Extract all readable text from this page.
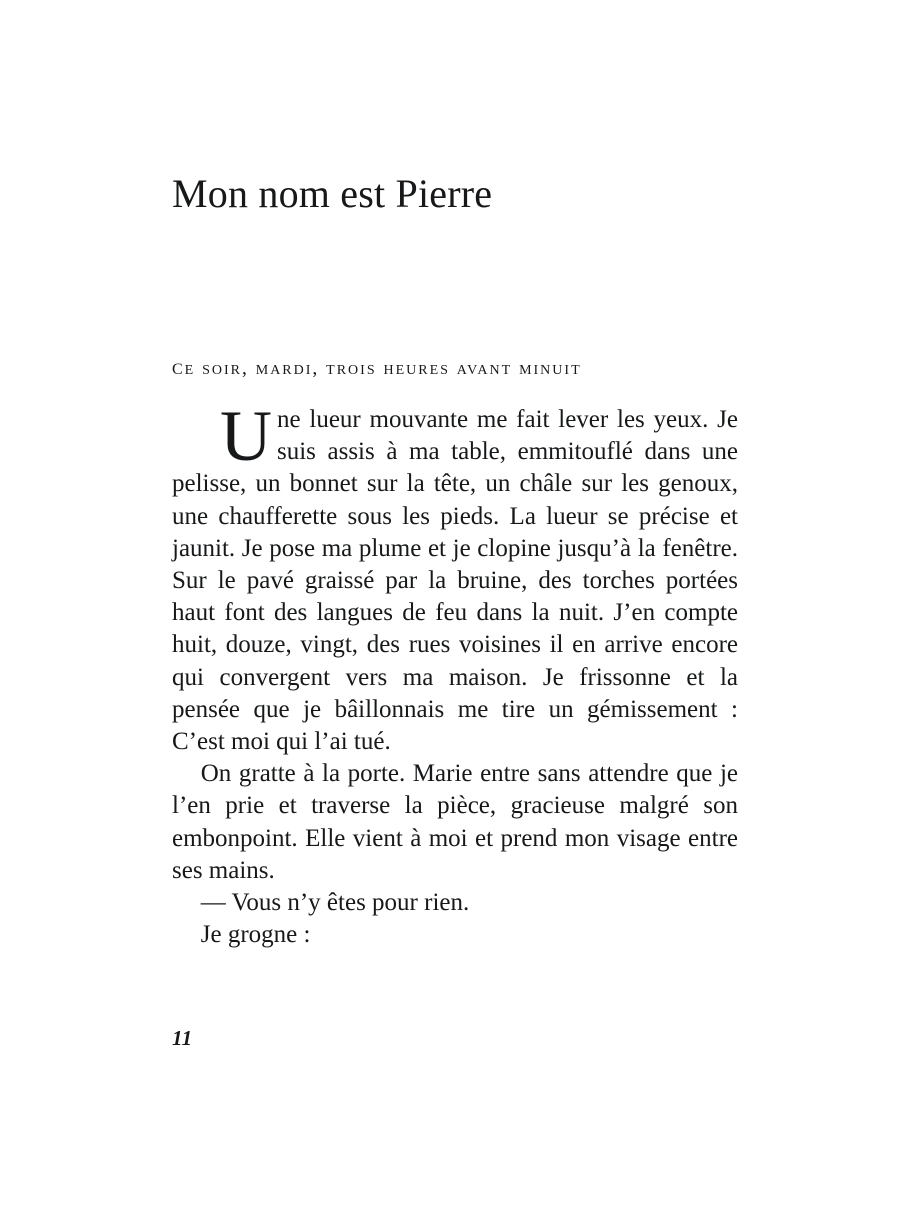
Mon nom est Pierre
ce soir, mardi, trois heures avant minuit

Une lueur mouvante me fait lever les yeux. Je suis assis à ma table, emmitouflé dans une pelisse, un bonnet sur la tête, un châle sur les genoux, une chaufferette sous les pieds. La lueur se précise et jaunit. Je pose ma plume et je clopine jusqu’à la fenêtre. Sur le pavé graissé par la bruine, des torches portées haut font des langues de feu dans la nuit. J’en compte huit, douze, vingt, des rues voisines il en arrive encore qui convergent vers ma maison. Je frissonne et la pensée que je bâillonnais me tire un gémissement : C’est moi qui l’ai tué.

On gratte à la porte. Marie entre sans attendre que je l’en prie et traverse la pièce, gracieuse malgré son embonpoint. Elle vient à moi et prend mon visage entre ses mains.

— Vous n’y êtes pour rien.

Je grogne :

11
